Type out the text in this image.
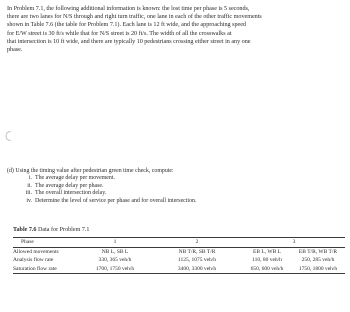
In Problem 7.1, the following additional information is known: the lost time per phase is 5 seconds,
there are two lanes for N/S through and right turn traffic, one lane in each of the other traffic movements
shown in Table 7.6 (the table for Problem 7.1). Each lane is 12 ft wide, and the approaching speed
for E/W street is 30 ft/s while that for N/S street is 20 ft/s. The width of all the crosswalks at
that intersection is 10 ft wide, and there are typically 10 pedestrians crossing either street in any one
phase.
(d) Using the timing value after pedestrian green time check, compute:
i. The average delay per movement.
ii. The average delay per phase.
iii. The overall intersection delay.
iv. Determine the level of service per phase and for overall intersection.
Table 7.6 Data for Problem 7.1
Phase	1	2	3	
Allowed movements	NB L, SB L	NB T/R, SB T/R	EB L, WB L	EB T/R, WB T/R
Analysis flow rate	330, 365 veh/h	1125, 1075 veh/h	110, 80 veh/h	250, 285 veh/h
Saturation flow rate	1700, 1750 veh/h	3400, 3300 veh/h	650, 600 veh/h	1750, 1800 veh/h
